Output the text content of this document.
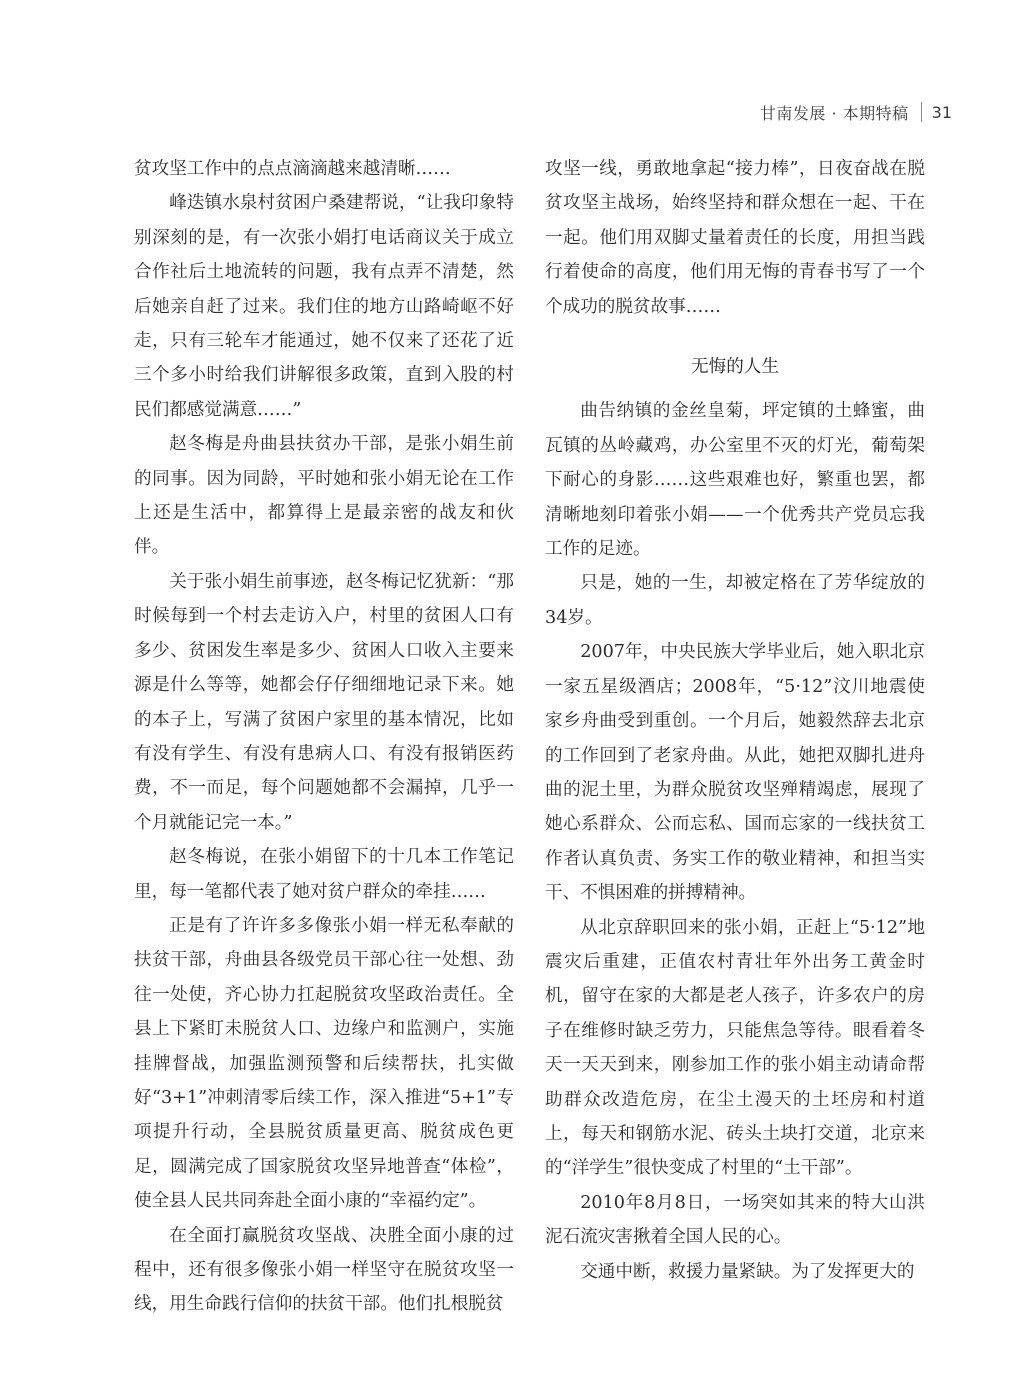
甘南发展 · 本期特稿 31

贫攻坚工作中的点点滴滴越来越清晰……

峰迭镇水泉村贫困户桑建帮说，“让我印象特别深刻的是，有一次张小娟打电话商议关于成立合作社后土地流转的问题，我有点弄不清楚，然后她亲自赶了过来。我们住的地方山路崎岖不好走，只有三轮车才能通过，她不仅来了还花了近三个多小时给我们讲解很多政策，直到入股的村民们都感觉满意……”

赵冬梅是舟曲县扶贫办干部，是张小娟生前的同事。因为同龄，平时她和张小娟无论在工作上还是生活中，都算得上是最亲密的战友和伙伴。

关于张小娟生前事迹，赵冬梅记忆犹新：“那时候每到一个村去走访入户，村里的贫困人口有多少、贫困发生率是多少、贫困人口收入主要来源是什么等等，她都会仔仔细细地记录下来。她的本子上，写满了贫困户家里的基本情况，比如有没有学生、有没有患病人口、有没有报销医药费，不一而足，每个问题她都不会漏掉，几乎一个月就能记完一本。”

赵冬梅说，在张小娟留下的十几本工作笔记里，每一笔都代表了她对贫户群众的牵挂……

正是有了许许多多像张小娟一样无私奉献的扶贫干部，舟曲县各级党员干部心往一处想、劲往一处使，齐心协力扛起脱贫攻坚政治责任。全县上下紧盯未脱贫人口、边缘户和监测户，实施挂牌督战，加强监测预警和后续帮扶，扎实做好“3+1”冲刺清零后续工作，深入推进“5+1”专项提升行动，全县脱贫质量更高、脱贫成色更足，圆满完成了国家脱贫攻坚异地普查“体检”，使全县人民共同奔赴全面小康的“幸福约定”。

在全面打赢脱贫攻坚战、决胜全面小康的过程中，还有很多像张小娟一样坚守在脱贫攻坚一线，用生命践行信仰的扶贫干部。他们扎根脱贫

攻坚一线，勇敢地拿起“接力棒”，日夜奋战在脱贫攻坚主战场，始终坚持和群众想在一起、干在一起。他们用双脚丈量着责任的长度，用担当践行着使命的高度，他们用无悔的青春书写了一个个成功的脱贫故事……

无悔的人生

曲告纳镇的金丝皇菊，坪定镇的土蜂蜜，曲瓦镇的丛岭藏鸡，办公室里不灭的灯光，葡萄架下耐心的身影……这些艰难也好，繁重也罢，都清晰地刻印着张小娟——一个优秀共产党员忘我工作的足迹。

只是，她的一生，却被定格在了芳华绽放的34岁。

2007年，中央民族大学毕业后，她入职北京一家五星级酒店；2008年，“5·12”汶川地震使家乡舟曲受到重创。一个月后，她毅然辞去北京的工作回到了老家舟曲。从此，她把双脚扎进舟曲的泥土里，为群众脱贫攻坚殚精竭虑，展现了她心系群众、公而忘私、国而忘家的一线扶贫工作者认真负责、务实工作的敬业精神，和担当实干、不惧困难的拼搏精神。

从北京辞职回来的张小娟，正赶上“5·12”地震灾后重建，正值农村青壮年外出务工黄金时机，留守在家的大都是老人孩子，许多农户的房子在维修时缺乏劳力，只能焦急等待。眼看着冬天一天天到来，刚参加工作的张小娟主动请命帮助群众改造危房，在尘土漫天的土坯房和村道上，每天和钢筋水泥、砖头土块打交道，北京来的“洋学生”很快变成了村里的“土干部”。

2010年8月8日，一场突如其来的特大山洪泥石流灾害揪着全国人民的心。

交通中断，救援力量紧缺。为了发挥更大的
